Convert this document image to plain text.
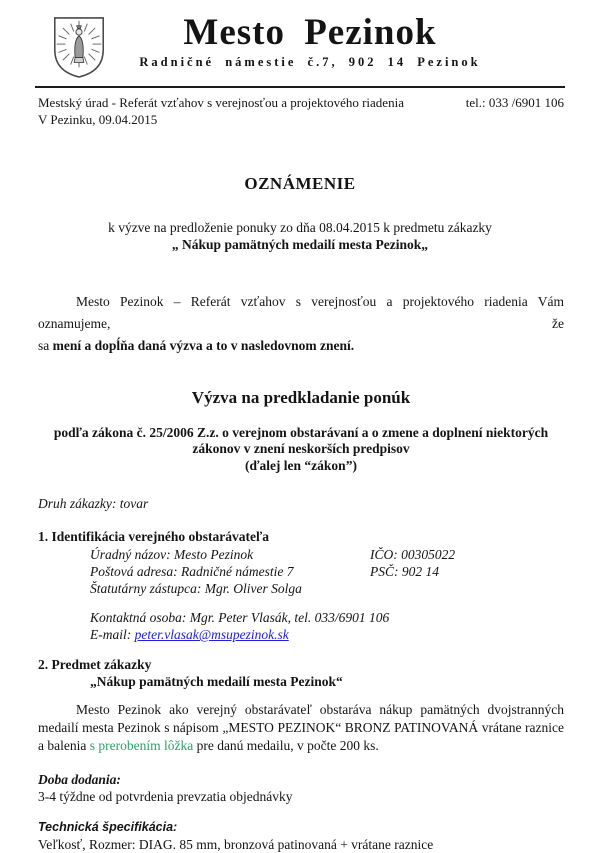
Mesto Pezinok
Radničné námestie č.7, 902 14 Pezinok
Mestský úrad - Referát vzťahov s verejnosťou a projektového riadenia	tel.: 033 /6901 106
V Pezinku, 09.04.2015
OZNÁMENIE
k výzve na predloženie ponuky zo dňa 08.04.2015 k predmetu zákazky
„ Nákup pamätných medailí mesta Pezinok„
Mesto Pezinok – Referát vzťahov s verejnosťou a projektového riadenia Vám oznamujeme, že
sa mení a dopĺňa daná výzva a to v nasledovnom znení.
Výzva na predkladanie ponúk
podľa zákona č. 25/2006 Z.z. o verejnom obstarávaní a o zmene a doplnení niektorých
zákonov v znení neskorších predpisov
(ďalej len “zákon”)
Druh zákazky: tovar
1. Identifikácia verejného obstarávateľa
Úradný názov: Mesto Pezinok	IČO: 00305022
Poštová adresa: Radničné námestie 7	PSČ: 902 14
Štatutárny zástupca: Mgr. Oliver Solga
Kontaktná osoba: Mgr. Peter Vlasák, tel. 033/6901 106
E-mail: peter.vlasak@msupezinok.sk
2. Predmet zákazky
„Nákup pamätných medailí mesta Pezinok“
Mesto Pezinok ako verejný obstarávateľ obstaráva nákup pamätných dvojstranných medailí mesta Pezinok s nápisom „MESTO PEZINOK“ BRONZ PATINOVANÁ vrátane raznice a balenia s prerobením lôžka pre danú medailu, v počte 200 ks.
Doba dodania:
3-4 týždne od potvrdenia prevzatia objednávky
Technická špecifikácia:
Veľkosť, Rozmer: DIAG. 85 mm, bronzová patinovaná + vrátane raznice
